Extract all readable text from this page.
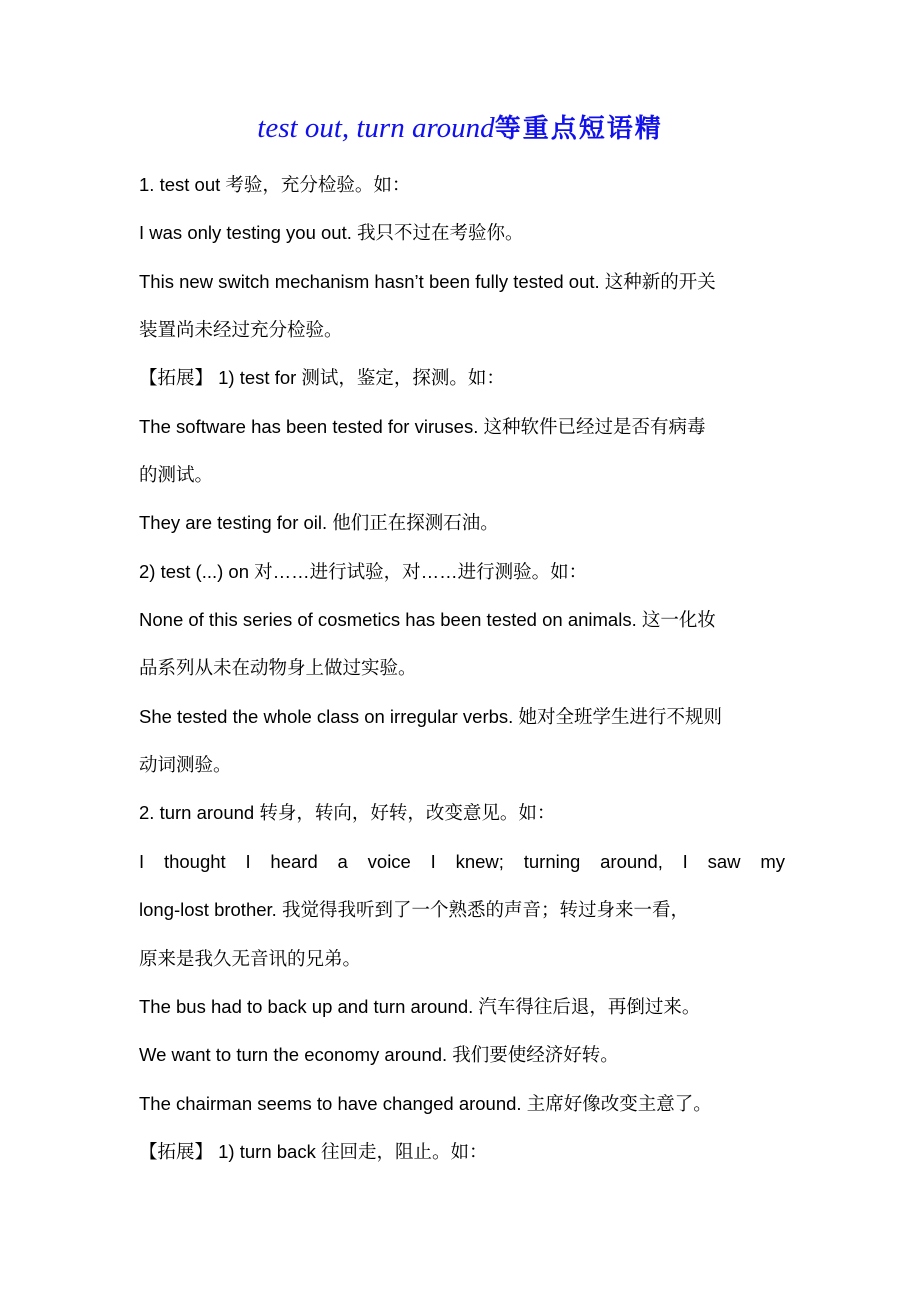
test out, turn around等重点短语精
1. test out 考验，充分检验。如：
I was only testing you out. 我只不过在考验你。
This new switch mechanism hasn’t been fully tested out. 这种新的开关
装置尚未经过充分检验。
【拓展】 1) test for 测试，鉴定，探测。如：
The software has been tested for viruses. 这种软件已经过是否有病毒
的测试。
They are testing for oil. 他们正在探测石油。
2) test (...) on 对……进行试验，对……进行测验。如：
None of this series of cosmetics has been tested on animals. 这一化妆
品系列从未在动物身上做过实验。
She tested the whole class on irregular verbs. 她对全班学生进行不规则
动词测验。
2. turn around 转身，转向，好转，改变意见。如：
I thought I heard a voice I knew; turning around, I saw my
long-lost brother. 我觉得我听到了一个熟悉的声音；转过身来一看，
原来是我久无音讯的兄弟。
The bus had to back up and turn around. 汽车得往后退，再倒过来。
We want to turn the economy around. 我们要使经济好转。
The chairman seems to have changed around. 主席好像改变主意了。
【拓展】 1) turn back 往回走，阻止。如：
